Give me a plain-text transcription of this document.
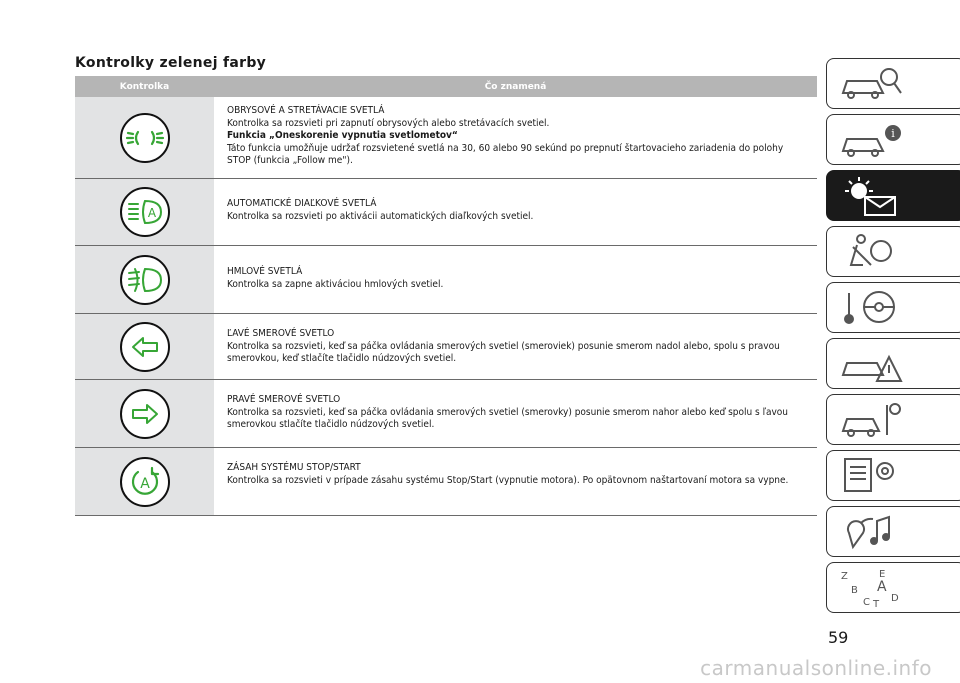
Kontrolky zelenej farby
Kontrolka	Čo znamená
OBRYSOVÉ A STRETÁVACIE SVETLÁ
Kontrolka sa rozsvieti pri zapnutí obrysových alebo stretávacích svetiel.
Funkcia „Oneskorenie vypnutia svetlometov“
Táto funkcia umožňuje udržať rozsvietené svetlá na 30, 60 alebo 90 sekúnd po prepnutí štartovacieho zariadenia do polohy STOP (funkcia „Follow me").
A
AUTOMATICKÉ DIAĽKOVÉ SVETLÁ
Kontrolka sa rozsvieti po aktivácii automatických diaľkových svetiel.
HMLOVÉ SVETLÁ
Kontrolka sa zapne aktiváciou hmlových svetiel.
ĽAVÉ SMEROVÉ SVETLO
Kontrolka sa rozsvieti, keď sa páčka ovládania smerových svetiel (smeroviek) posunie smerom nadol alebo, spolu s pravou smerovkou, keď stlačíte tlačidlo núdzových svetiel.
PRAVÉ SMEROVÉ SVETLO
Kontrolka sa rozsvieti, keď sa páčka ovládania smerových svetiel (smerovky) posunie smerom nahor alebo keď spolu s ľavou smerovkou stlačíte tlačidlo núdzových svetiel.
A
ZÁSAH SYSTÉMU STOP/START
Kontrolka sa rozsvieti v prípade zásahu systému Stop/Start (vypnutie motora). Po opätovnom naštartovaní motora sa vypne.
i
Z	E
B A
C T
D
59
carmanualsonline.info
